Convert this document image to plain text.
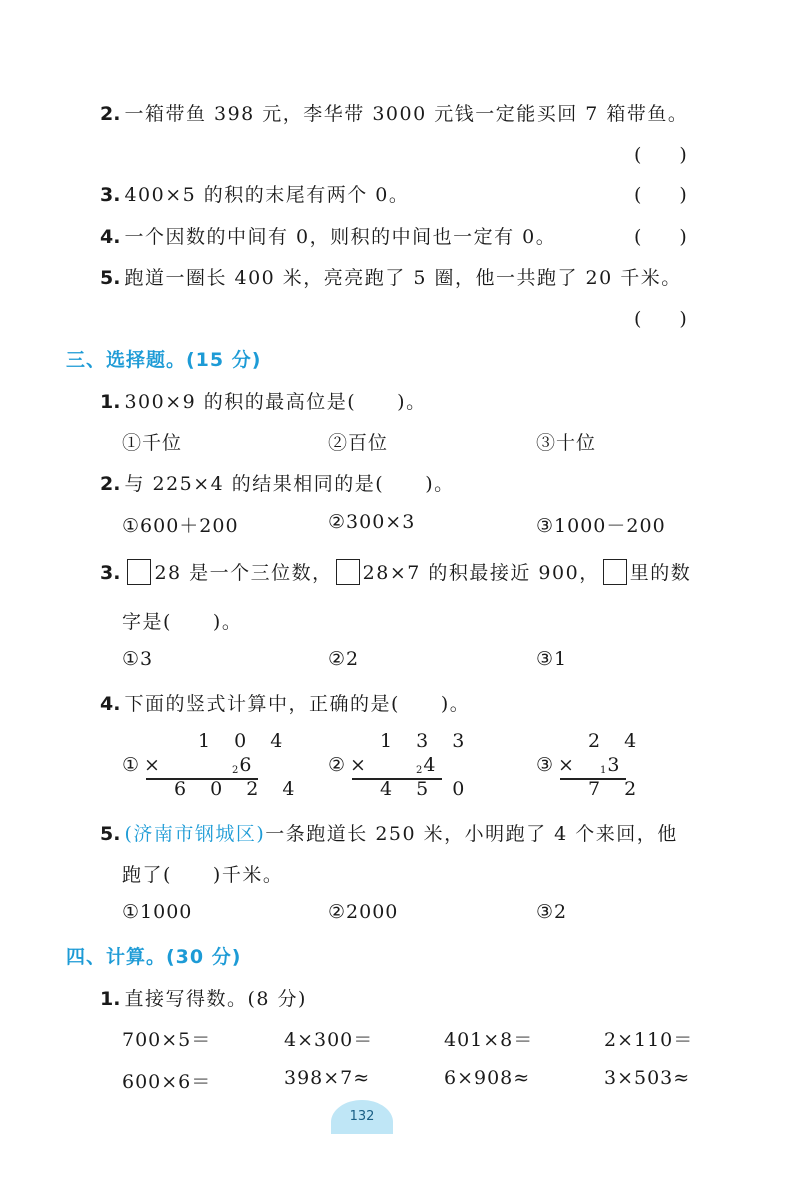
2. 一箱带鱼 398 元，李华带 3000 元钱一定能买回 7 箱带鱼。
(　　)
3. 400×5 的积的末尾有两个 0。	(　　)
4. 一个因数的中间有 0，则积的中间也一定有 0。	(　　)
5. 跑道一圈长 400 米，亮亮跑了 5 圈，他一共跑了 20 千米。
(　　)
三、选择题。(15 分)
1. 300×9 的积的最高位是(　　)。
①千位	②百位	③十位
2. 与 225×4 的结果相同的是(　　)。
①600＋200	②300×3	③1000－200
3. 28 是一个三位数， 28×7 的积最接近 900， 里的数
字是(　　)。
①3	②2	③1
4. 下面的竖式计算中，正确的是(　　)。
1 0 4
① ×	$_2$6
6 0 2 4
1 3 3
② ×	$_2$4
4 5 0
2 4
③ ×	$_1$3
7 2
5. (济南市钢城区)一条跑道长 250 米，小明跑了 4 个来回，他
跑了(　　)千米。
①1000	②2000	③2
四、计算。(30 分)
1. 直接写得数。(8 分)
700×5＝	4×300＝	401×8＝	2×110＝
600×6＝	398×7≈	6×908≈	3×503≈
132
